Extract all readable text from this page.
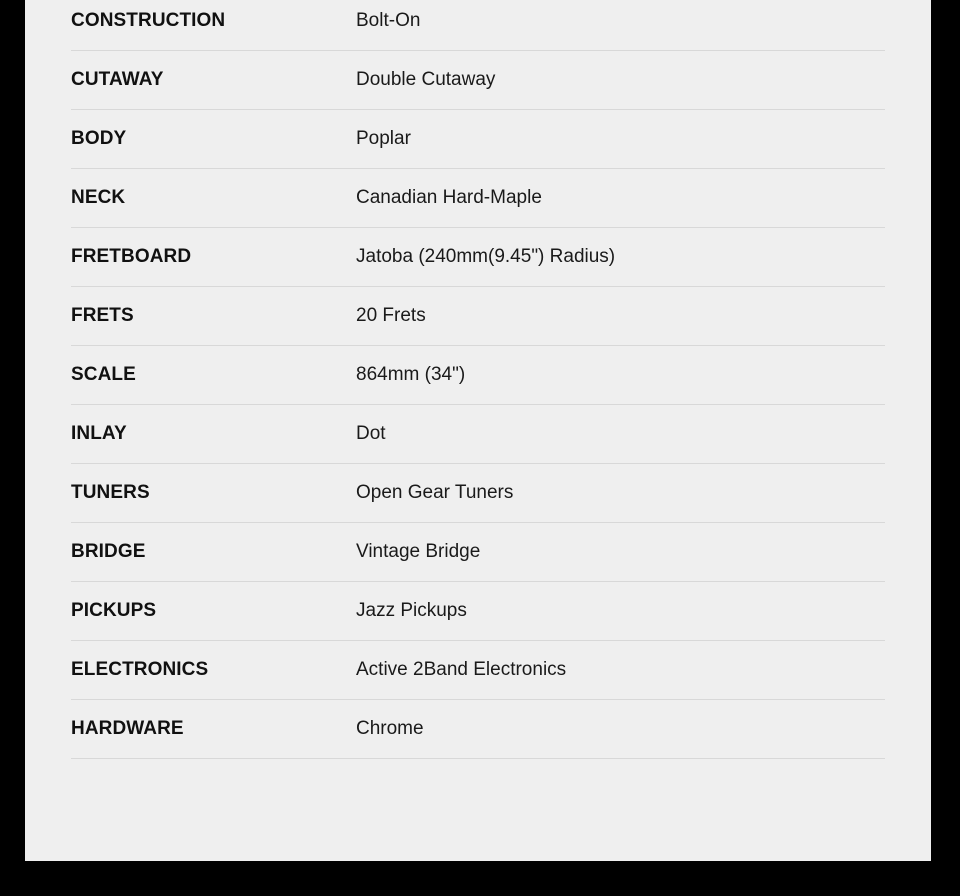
CONSTRUCTION	Bolt-On
CUTAWAY	Double Cutaway
BODY	Poplar
NECK	Canadian Hard-Maple
FRETBOARD	Jatoba (240mm(9.45") Radius)
FRETS	20 Frets
SCALE	864mm (34")
INLAY	Dot
TUNERS	Open Gear Tuners
BRIDGE	Vintage Bridge
PICKUPS	Jazz Pickups
ELECTRONICS	Active 2Band Electronics
HARDWARE	Chrome
